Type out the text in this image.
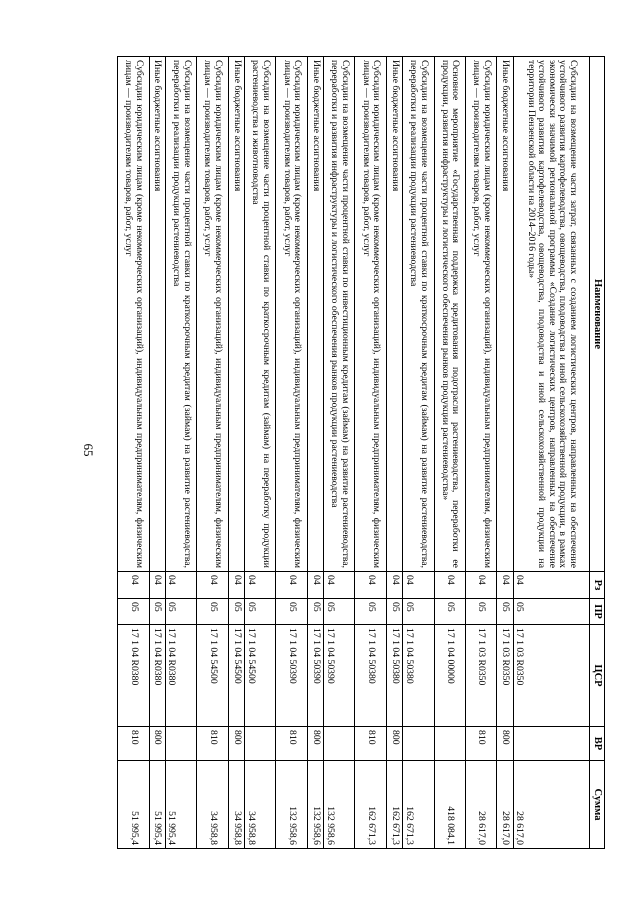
65
Наименование	Рз	ПР	ЦСР	ВР	Сумма
Субсидии на возмещение части затрат, связанных с созданием логистических центров, направленных на обеспечение устойчивого развития картофелеводства, овощеводства, плодоводства и иной сельскохозяйственной продукции, в рамках экономически значимой региональной программы «Создание логистических центров, направленных на обеспечение устойчивого развития картофелеводства, овощеводства, плодоводства и иной сельскохозяйственной продукции на территории Пензенской области на 2014–2016 годы»	04	05	17 1 03 R0350		28 617,0
Иные бюджетные ассигнования	04	05	17 1 03 R0350	800	28 617,0
Субсидии юридическим лицам (кроме некоммерческих организаций), индивидуальным предпринимателям, физическим лицам — производителям товаров, работ, услуг	04	05	17 1 03 R0350	810	28 617,0
Основное мероприятие «Государственная поддержка кредитования подотрасли растениеводства, переработки ее продукции, развития инфраструктуры и логистического обеспечения рынков продукции растениеводства»	04	05	17 1 04 00000		418 084,1
Субсидии на возмещение части процентной ставки по краткосрочным кредитам (займам) на развитие растениеводства, переработки и реализации продукции растениеводства	04	05	17 1 04 50380		162 671,3
Иные бюджетные ассигнования	04	05	17 1 04 50380	800	162 671,3
Субсидии юридическим лицам (кроме некоммерческих организаций), индивидуальным предпринимателям, физическим лицам — производителям товаров, работ, услуг	04	05	17 1 04 50380	810	162 671,3
Субсидии на возмещение части процентной ставки по инвестиционным кредитам (займам) на развитие растениеводства, переработки и развития инфраструктуры и логистического обеспечения рынков продукции растениеводства	04	05	17 1 04 50390		132 958,6
Иные бюджетные ассигнования	04	05	17 1 04 50390	800	132 958,6
Субсидии юридическим лицам (кроме некоммерческих организаций), индивидуальным предпринимателям, физическим лицам — производителям товаров, работ, услуг	04	05	17 1 04 50390	810	132 958,6
Субсидии на возмещение части процентной ставки по краткосрочным кредитам (займам) на переработку продукции растениеводства и животноводства	04	05	17 1 04 54500		34 958,8
Иные бюджетные ассигнования	04	05	17 1 04 54500	800	34 958,8
Субсидии юридическим лицам (кроме некоммерческих организаций), индивидуальным предпринимателям, физическим лицам — производителям товаров, работ, услуг	04	05	17 1 04 54500	810	34 958,8
Субсидии на возмещение части процентной ставки по краткосрочным кредитам (займам) на развитие растениеводства, переработки и реализации продукции растениеводства	04	05	17 1 04 R0380		51 995,4
Иные бюджетные ассигнования	04	05	17 1 04 R0380	800	51 995,4
Субсидии юридическим лицам (кроме некоммерческих организаций), индивидуальным предпринимателям, физическим лицам — производителям товаров, работ, услуг	04	05	17 1 04 R0380	810	51 995,4
